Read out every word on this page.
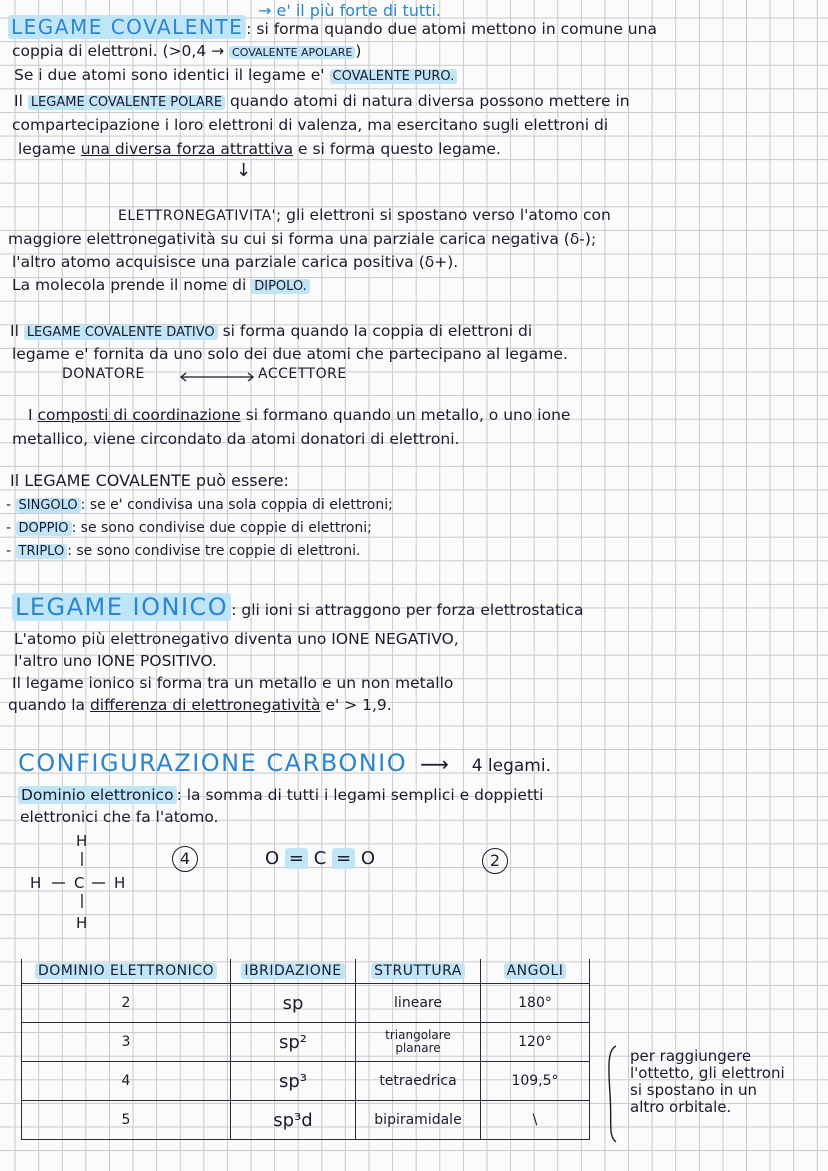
LEGAME COVALENTE : si forma quando due atomi mettono in comune una
→ e' il più forte di tutti.
coppia di elettroni. (>0,4 → COVALENTE APOLARE )
Se i due atomi sono identici il legame e' COVALENTE PURO.
Il LEGAME COVALENTE POLARE quando atomi di natura diversa possono mettere in
compartecipazione i loro elettroni di valenza, ma esercitano sugli elettroni di
legame una diversa forza attrattiva e si forma questo legame.
↓
ELETTRONEGATIVITA'; gli elettroni si spostano verso l'atomo con
maggiore elettronegatività su cui si forma una parziale carica negativa (δ-);
l'altro atomo acquisisce una parziale carica positiva (δ+).
La molecola prende il nome di DIPOLO.
Il LEGAME COVALENTE DATIVO si forma quando la coppia di elettroni di
legame e' fornita da uno solo dei due atomi che partecipano al legame.
DONATORE	ACCETTORE
I composti di coordinazione si formano quando un metallo, o uno ione
metallico, viene circondato da atomi donatori di elettroni.
Il LEGAME COVALENTE può essere:
- SINGOLO : se e' condivisa una sola coppia di elettroni;
- DOPPIO : se sono condivise due coppie di elettroni;
- TRIPLO : se sono condivise tre coppie di elettroni.
LEGAME IONICO : gli ioni si attraggono per forza elettrostatica
L'atomo più elettronegativo diventa uno IONE NEGATIVO,
l'altro uno IONE POSITIVO.
Il legame ionico si forma tra un metallo e un non metallo
quando la differenza di elettronegatività e' > 1,9.
CONFIGURAZIONE CARBONIO ⟶ 4 legami.
Dominio elettronico : la somma di tutti i legami semplici e doppietti
elettronici che fa l'atomo.
H
H C H
H
4	O = C = O	2
DOMINIO ELETTRONICO	IBRIDAZIONE	STRUTTURA	ANGOLI
2	sp	lineare	180°
3	sp²	triangolare planare	120°
4	sp³	tetraedrica	109,5°
5	sp³d	bipiramidale	\
per raggiungere
l'ottetto, gli elettroni
si spostano in un
altro orbitale.
